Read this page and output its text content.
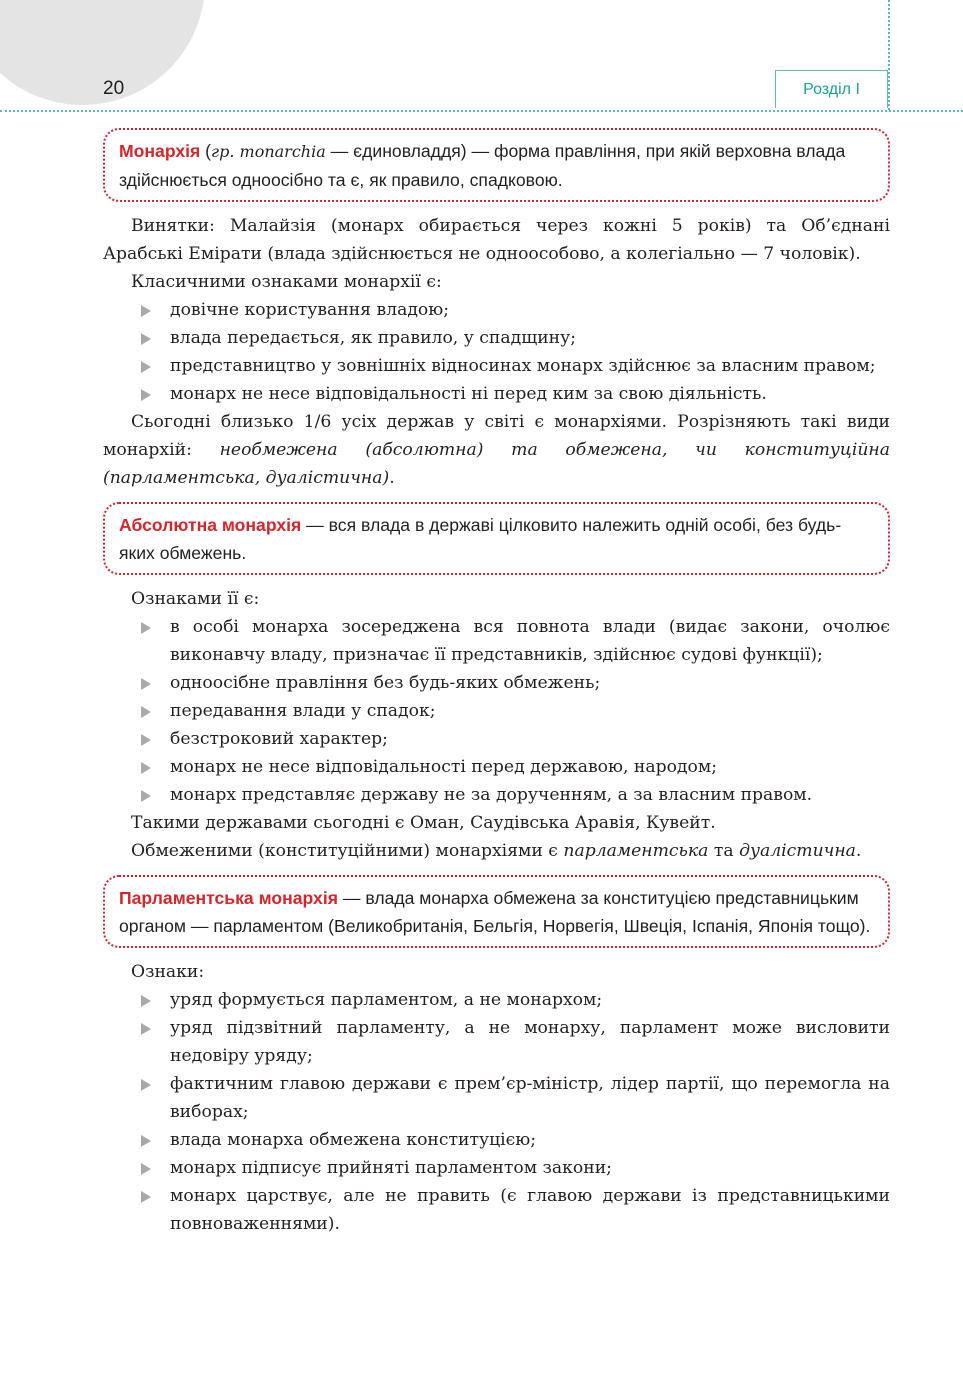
20	Розділ І
Монархія (гр. monarchia — єдиновладдя) — форма правління, при якій верховна влада здійснюється одноосібно та є, як правило, спадковою.

Винятки: Малайзія (монарх обирається через кожні 5 років) та Об’єднані Арабські Емірати (влада здійснюється не одноособово, а колегіально — 7 чоловік).

Класичними ознаками монархії є:

довічне користування владою;
влада передається, як правило, у спадщину;
представництво у зовнішніх відносинах монарх здійснює за власним правом;
монарх не несе відповідальності ні перед ким за свою діяльність.

Сьогодні близько 1/6 усіх держав у світі є монархіями. Розрізняють такі види монархій: необмежена (абсолютна) та обмежена, чи конституційна (парламентська, дуалістична).

Абсолютна монархія — вся влада в державі цілковито належить одній особі, без будь-яких обмежень.

Ознаками її є:

в особі монарха зосереджена вся повнота влади (видає закони, очолює виконавчу владу, призначає її представників, здійснює судові функції);
одноосібне правління без будь-яких обмежень;
передавання влади у спадок;
безстроковий характер;
монарх не несе відповідальності перед державою, народом;
монарх представляє державу не за дорученням, а за власним правом.

Такими державами сьогодні є Оман, Саудівська Аравія, Кувейт.

Обмеженими (конституційними) монархіями є парламентська та дуалістична.

Парламентська монархія — влада монарха обмежена за конституцією представницьким органом — парламентом (Великобританія, Бельгія, Норвегія, Швеція, Іспанія, Японія тощо).

Ознаки:

уряд формується парламентом, а не монархом;
уряд підзвітний парламенту, а не монарху, парламент може висловити недовіру уряду;
фактичним главою держави є прем’єр-міністр, лідер партії, що перемогла на виборах;
влада монарха обмежена конституцією;
монарх підписує прийняті парламентом закони;
монарх царствує, але не править (є главою держави із представницькими повноваженнями).
